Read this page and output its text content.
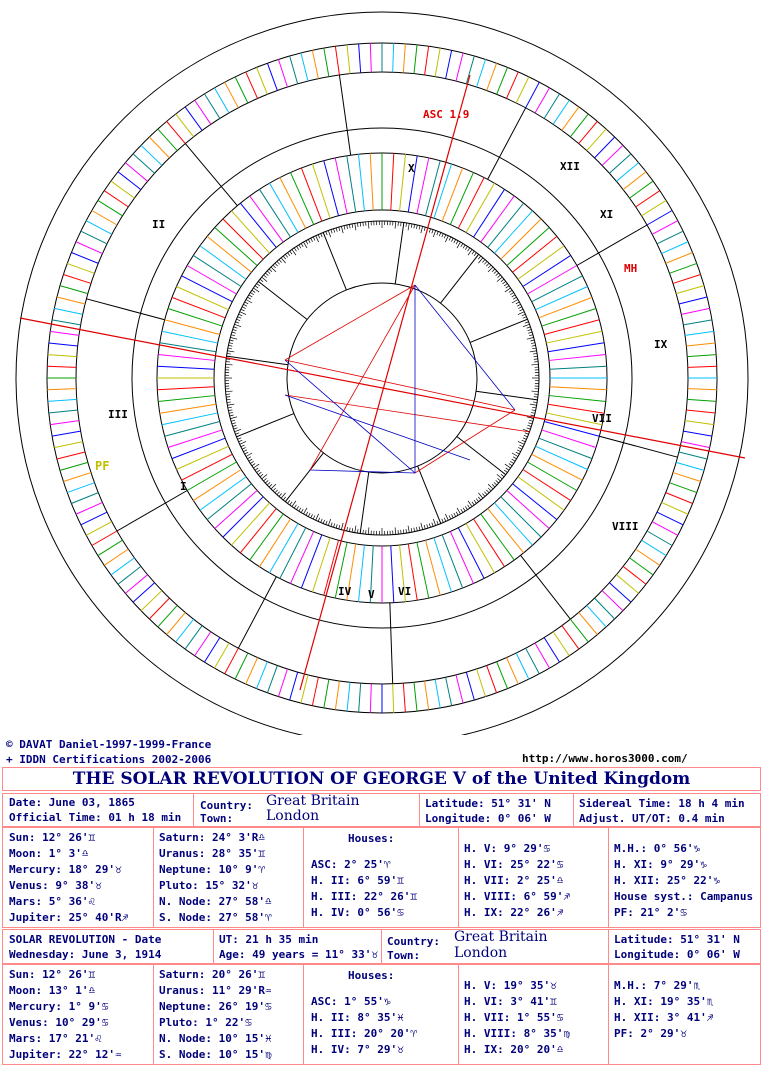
I
II
III
IV V VI
VII
VIII
IX
X
XI
XII
ASC 1.9
MH
PF
© DAVAT Daniel-1997-1999-France
+ IDDN Certifications 2002-2006	http://www.horos3000.com/
THE SOLAR REVOLUTION OF GEORGE V of the United Kingdom
Date: June 03, 1865
Official Time: 01 h 18 min
Country: Great Britain
Town: London
Latitude: 51° 31' N
Longitude: 0° 06' W
Sidereal Time: 18 h 4 min
Adjust. UT/OT: 0.4 min
Sun: 12° 26'♊
Moon: 1° 3'♎
Mercury: 18° 29'♉
Venus: 9° 38'♉
Mars: 5° 36'♌
Jupiter: 25° 40'R♐
Saturn: 24° 3'R♎
Uranus: 28° 35'♊
Neptune: 10° 9'♈
Pluto: 15° 32'♉
N. Node: 27° 58'♎
S. Node: 27° 58'♈
Houses:
ASC: 2° 25'♈
H. II: 6° 59'♊
H. III: 22° 26'♊
H. IV: 0° 56'♋
H. V: 9° 29'♋
H. VI: 25° 22'♋
H. VII: 2° 25'♎
H. VIII: 6° 59'♐
H. IX: 22° 26'♐
M.H.: 0° 56'♑
H. XI: 9° 29'♑
H. XII: 25° 22'♑
House syst.: Campanus
PF: 21° 2'♋
SOLAR REVOLUTION - Date
Wednesday: June 3, 1914
UT: 21 h 35 min
Age: 49 years = 11° 33'♉
Country: Great Britain
Town: London
Latitude: 51° 31' N
Longitude: 0° 06' W
Sun: 12° 26'♊
Moon: 13° 1'♎
Mercury: 1° 9'♋
Venus: 10° 29'♋
Mars: 17° 21'♌
Jupiter: 22° 12'♒
Saturn: 20° 26'♊
Uranus: 11° 29'R♒
Neptune: 26° 19'♋
Pluto: 1° 22'♋
N. Node: 10° 15'♓
S. Node: 10° 15'♍
Houses:
ASC: 1° 55'♑
H. II: 8° 35'♓
H. III: 20° 20'♈
H. IV: 7° 29'♉
H. V: 19° 35'♉
H. VI: 3° 41'♊
H. VII: 1° 55'♋
H. VIII: 8° 35'♍
H. IX: 20° 20'♎
M.H.: 7° 29'♏
H. XI: 19° 35'♏
H. XII: 3° 41'♐
PF: 2° 29'♉
